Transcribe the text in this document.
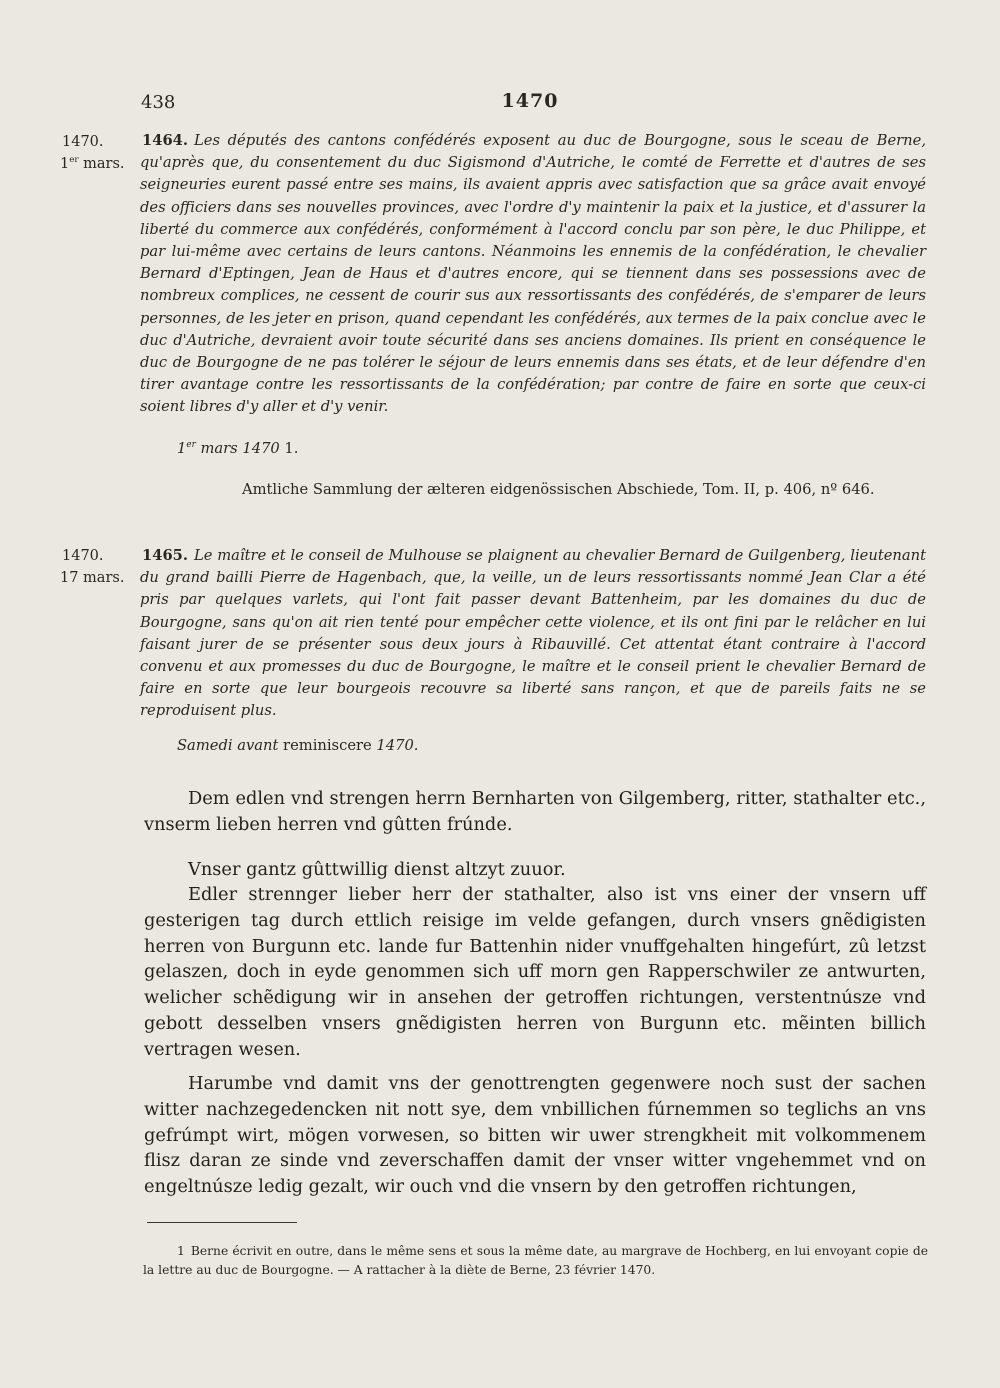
438	1470
1470.
1er mars.
1464. Les députés des cantons confédérés exposent au duc de Bourgogne, sous le sceau de Berne, qu'après que, du consentement du duc Sigismond d'Autriche, le comté de Ferrette et d'autres de ses seigneuries eurent passé entre ses mains, ils avaient appris avec satisfaction que sa grâce avait envoyé des officiers dans ses nouvelles provinces, avec l'ordre d'y maintenir la paix et la justice, et d'assurer la liberté du commerce aux confédérés, conformément à l'accord conclu par son père, le duc Philippe, et par lui-même avec certains de leurs cantons. Néanmoins les ennemis de la confédération, le chevalier Bernard d'Eptingen, Jean de Haus et d'autres encore, qui se tiennent dans ses possessions avec de nombreux complices, ne cessent de courir sus aux ressortissants des confédérés, de s'emparer de leurs personnes, de les jeter en prison, quand cependant les confédérés, aux termes de la paix conclue avec le duc d'Autriche, devraient avoir toute sécurité dans ses anciens domaines. Ils prient en conséquence le duc de Bourgogne de ne pas tolérer le séjour de leurs ennemis dans ses états, et de leur défendre d'en tirer avantage contre les ressortissants de la confédération; par contre de faire en sorte que ceux-ci soient libres d'y aller et d'y venir.
1er mars 1470 1.
Amtliche Sammlung der ælteren eidgenössischen Abschiede, Tom. II, p. 406, nº 646.
1470.
17 mars.
1465. Le maître et le conseil de Mulhouse se plaignent au chevalier Bernard de Guilgenberg, lieutenant du grand bailli Pierre de Hagenbach, que, la veille, un de leurs ressortissants nommé Jean Clar a été pris par quelques varlets, qui l'ont fait passer devant Battenheim, par les domaines du duc de Bourgogne, sans qu'on ait rien tenté pour empêcher cette violence, et ils ont fini par le relâcher en lui faisant jurer de se présenter sous deux jours à Ribauvillé. Cet attentat étant contraire à l'accord convenu et aux promesses du duc de Bourgogne, le maître et le conseil prient le chevalier Bernard de faire en sorte que leur bourgeois recouvre sa liberté sans rançon, et que de pareils faits ne se reproduisent plus.
Samedi avant reminiscere 1470.

Dem edlen vnd strengen herrn Bernharten von Gilgemberg, ritter, stathalter etc., vnserm lieben herren vnd gûtten frúnde.

Vnser gantz gûttwillig dienst altzyt zuuor.

Edler strennger lieber herr der stathalter, also ist vns einer der vnsern uff gesterigen tag durch ettlich reisige im velde gefangen, durch vnsers gnẽdigisten herren von Burgunn etc. lande fur Battenhin nider vnuffgehalten hingefúrt, zû letzst gelaszen, doch in eyde genommen sich uff morn gen Rapperschwiler ze antwurten, welicher schẽdigung wir in ansehen der getroffen richtungen, verstentnúsze vnd gebott desselben vnsers gnẽdigisten herren von Burgunn etc. mẽinten billich vertragen wesen.

Harumbe vnd damit vns der genottrengten gegenwere noch sust der sachen witter nachzegedencken nit nott sye, dem vnbillichen fúrnemmen so teglichs an vns gefrúmpt wirt, mögen vorwesen, so bitten wir uwer strengkheit mit volkommenem flisz daran ze sinde vnd zeverschaffen damit der vnser witter vngehemmet vnd on engeltnúsze ledig gezalt, wir ouch vnd die vnsern by den getroffen richtungen,

1 Berne écrivit en outre, dans le même sens et sous la même date, au margrave de Hochberg, en lui envoyant copie de la lettre au duc de Bourgogne. — A rattacher à la diète de Berne, 23 février 1470.
